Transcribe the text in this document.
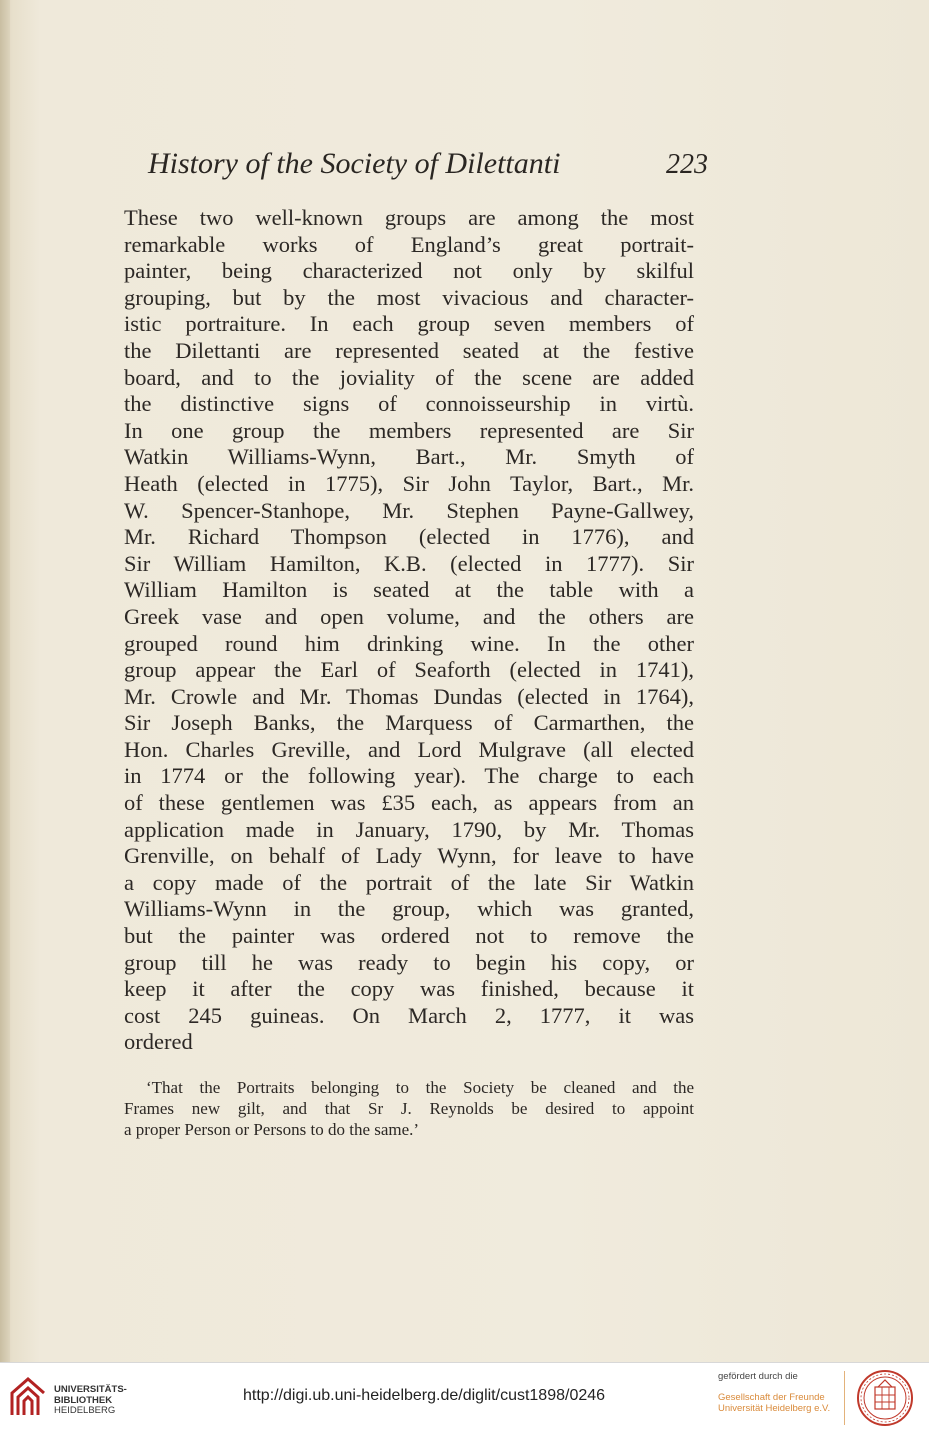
History of the Society of Dilettanti	223
These two well-known groups are among the most
remarkable works of England’s great portrait-
painter, being characterized not only by skilful
grouping, but by the most vivacious and character-
istic portraiture. In each group seven members of
the Dilettanti are represented seated at the festive
board, and to the joviality of the scene are added
the distinctive signs of connoisseurship in virtù.
In one group the members represented are Sir
Watkin Williams-Wynn, Bart., Mr. Smyth of
Heath (elected in 1775), Sir John Taylor, Bart., Mr.
W. Spencer-Stanhope, Mr. Stephen Payne-Gallwey,
Mr. Richard Thompson (elected in 1776), and
Sir William Hamilton, K.B. (elected in 1777). Sir
William Hamilton is seated at the table with a
Greek vase and open volume, and the others are
grouped round him drinking wine. In the other
group appear the Earl of Seaforth (elected in 1741),
Mr. Crowle and Mr. Thomas Dundas (elected in 1764),
Sir Joseph Banks, the Marquess of Carmarthen, the
Hon. Charles Greville, and Lord Mulgrave (all elected
in 1774 or the following year). The charge to each
of these gentlemen was £35 each, as appears from an
application made in January, 1790, by Mr. Thomas
Grenville, on behalf of Lady Wynn, for leave to have
a copy made of the portrait of the late Sir Watkin
Williams-Wynn in the group, which was granted,
but the painter was ordered not to remove the
group till he was ready to begin his copy, or
keep it after the copy was finished, because it
cost 245 guineas. On March 2, 1777, it was
ordered
‘That the Portraits belonging to the Society be cleaned and the
Frames new gilt, and that Sr J. Reynolds be desired to appoint
a proper Person or Persons to do the same.’
UNIVERSITÄTS-
BIBLIOTHEK
HEIDELBERG
http://digi.ub.uni-heidelberg.de/diglit/cust1898/0246
gefördert durch die
Gesellschaft der Freunde
Universität Heidelberg e.V.
